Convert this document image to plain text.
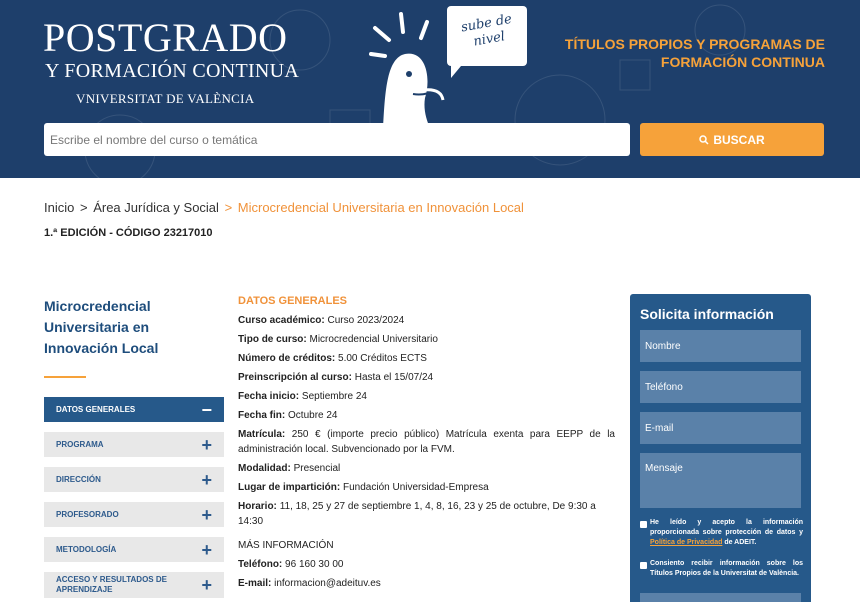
POSTGRADO
Y FORMACIÓN CONTINUA
VNIVERSITAT DE VALÈNCIA
sube de nivel	TÍTULOS PROPIOS Y PROGRAMAS DE FORMACIÓN CONTINUA
Escribe el nombre del curso o temática
BUSCAR
Inicio > Área Jurídica y Social > Microcredencial Universitaria en Innovación Local
1.ª EDICIÓN - CÓDIGO 23217010
Microcredencial Universitaria en Innovación Local
DATOS GENERALES	−
PROGRAMA	+
DIRECCIÓN	+
PROFESORADO	+
METODOLOGÍA	+
ACCESO Y RESULTADOS DE APRENDIZAJE	+
DATOS GENERALES
Curso académico: Curso 2023/2024
Tipo de curso: Microcredencial Universitario
Número de créditos: 5.00 Créditos ECTS
Preinscripción al curso: Hasta el 15/07/24
Fecha inicio: Septiembre 24
Fecha fin: Octubre 24
Matrícula: 250 € (importe precio público) Matrícula exenta para EEPP de la administración local. Subvencionado por la FVM.
Modalidad: Presencial
Lugar de impartición: Fundación Universidad-Empresa
Horario: 11, 18, 25 y 27 de septiembre 1, 4, 8, 16, 23 y 25 de octubre, De 9:30 a 14:30
MÁS INFORMACIÓN
Teléfono: 96 160 30 00
E-mail: informacion@adeituv.es
Solicita información
Nombre
Teléfono
E-mail
Mensaje
He leído y acepto la información proporcionada sobre protección de datos y Política de Privacidad de ADEIT.
Consiento recibir información sobre los Títulos Propios de la Universitat de València.
